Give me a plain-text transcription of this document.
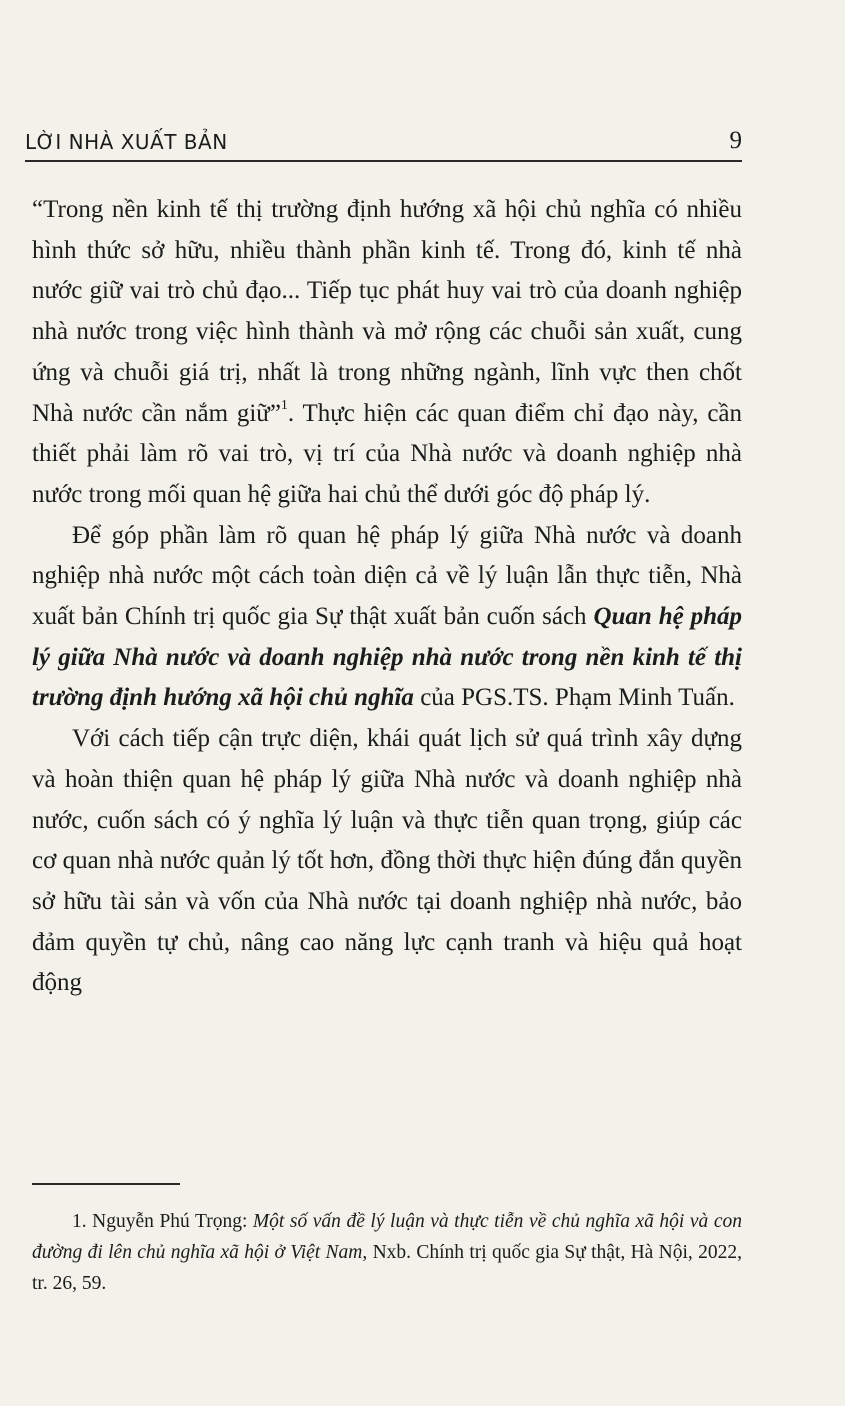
LỜI NHÀ XUẤT BẢN	9

“Trong nền kinh tế thị trường định hướng xã hội chủ nghĩa có nhiều hình thức sở hữu, nhiều thành phần kinh tế. Trong đó, kinh tế nhà nước giữ vai trò chủ đạo... Tiếp tục phát huy vai trò của doanh nghiệp nhà nước trong việc hình thành và mở rộng các chuỗi sản xuất, cung ứng và chuỗi giá trị, nhất là trong những ngành, lĩnh vực then chốt Nhà nước cần nắm giữ”$^1$. Thực hiện các quan điểm chỉ đạo này, cần thiết phải làm rõ vai trò, vị trí của Nhà nước và doanh nghiệp nhà nước trong mối quan hệ giữa hai chủ thể dưới góc độ pháp lý.

Để góp phần làm rõ quan hệ pháp lý giữa Nhà nước và doanh nghiệp nhà nước một cách toàn diện cả về lý luận lẫn thực tiễn, Nhà xuất bản Chính trị quốc gia Sự thật xuất bản cuốn sách Quan hệ pháp lý giữa Nhà nước và doanh nghiệp nhà nước trong nền kinh tế thị trường định hướng xã hội chủ nghĩa của PGS.TS. Phạm Minh Tuấn.

Với cách tiếp cận trực diện, khái quát lịch sử quá trình xây dựng và hoàn thiện quan hệ pháp lý giữa Nhà nước và doanh nghiệp nhà nước, cuốn sách có ý nghĩa lý luận và thực tiễn quan trọng, giúp các cơ quan nhà nước quản lý tốt hơn, đồng thời thực hiện đúng đắn quyền sở hữu tài sản và vốn của Nhà nước tại doanh nghiệp nhà nước, bảo đảm quyền tự chủ, nâng cao năng lực cạnh tranh và hiệu quả hoạt động

1. Nguyễn Phú Trọng: Một số vấn đề lý luận và thực tiễn về chủ nghĩa xã hội và con đường đi lên chủ nghĩa xã hội ở Việt Nam, Nxb. Chính trị quốc gia Sự thật, Hà Nội, 2022, tr. 26, 59.
